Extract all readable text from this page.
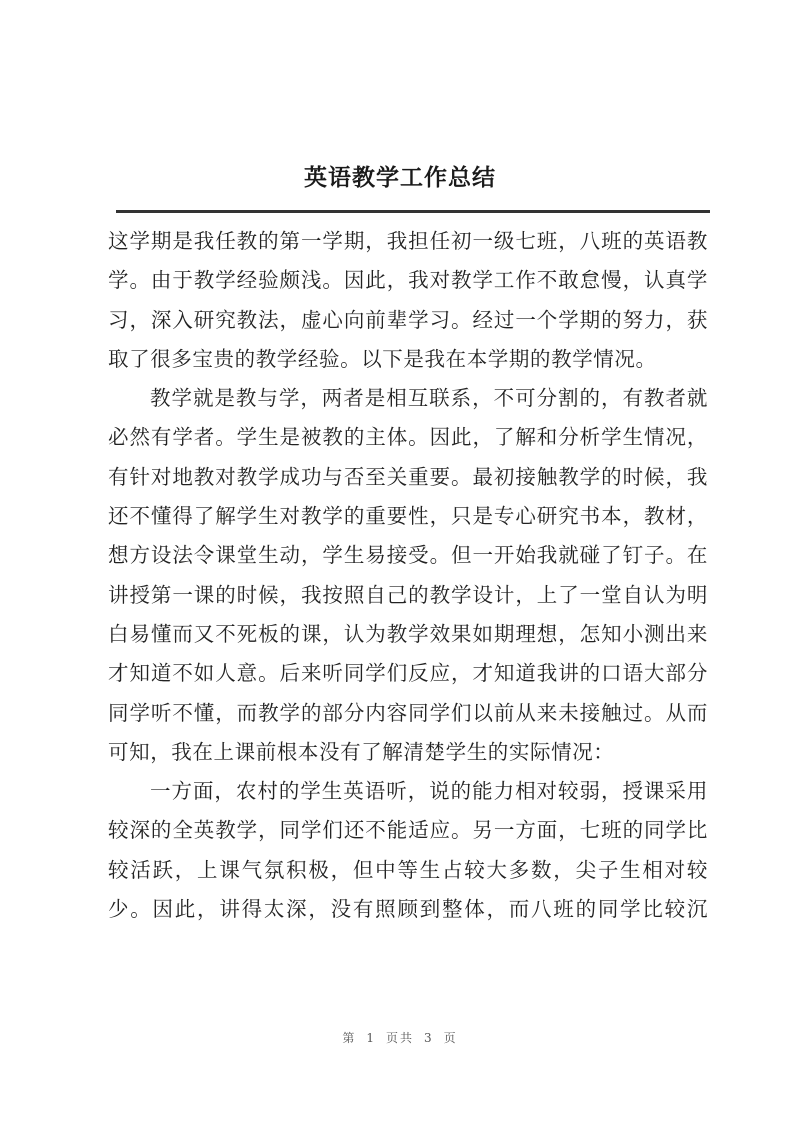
英语教学工作总结
这学期是我任教的第一学期，我担任初一级七班，八班的英语教
学。由于教学经验颇浅。因此，我对教学工作不敢怠慢，认真学
习，深入研究教法，虚心向前辈学习。经过一个学期的努力，获
取了很多宝贵的教学经验。以下是我在本学期的教学情况。
教学就是教与学，两者是相互联系，不可分割的，有教者就
必然有学者。学生是被教的主体。因此，了解和分析学生情况，
有针对地教对教学成功与否至关重要。最初接触教学的时候，我
还不懂得了解学生对教学的重要性，只是专心研究书本，教材，
想方设法令课堂生动，学生易接受。但一开始我就碰了钉子。在
讲授第一课的时候，我按照自己的教学设计，上了一堂自认为明
白易懂而又不死板的课，认为教学效果如期理想，怎知小测出来
才知道不如人意。后来听同学们反应，才知道我讲的口语大部分
同学听不懂，而教学的部分内容同学们以前从来未接触过。从而
可知，我在上课前根本没有了解清楚学生的实际情况：
一方面，农村的学生英语听，说的能力相对较弱，授课采用
较深的全英教学，同学们还不能适应。另一方面，七班的同学比
较活跃，上课气氛积极，但中等生占较大多数，尖子生相对较
少。因此，讲得太深，没有照顾到整体，而八班的同学比较沉
第 1 页共 3 页
